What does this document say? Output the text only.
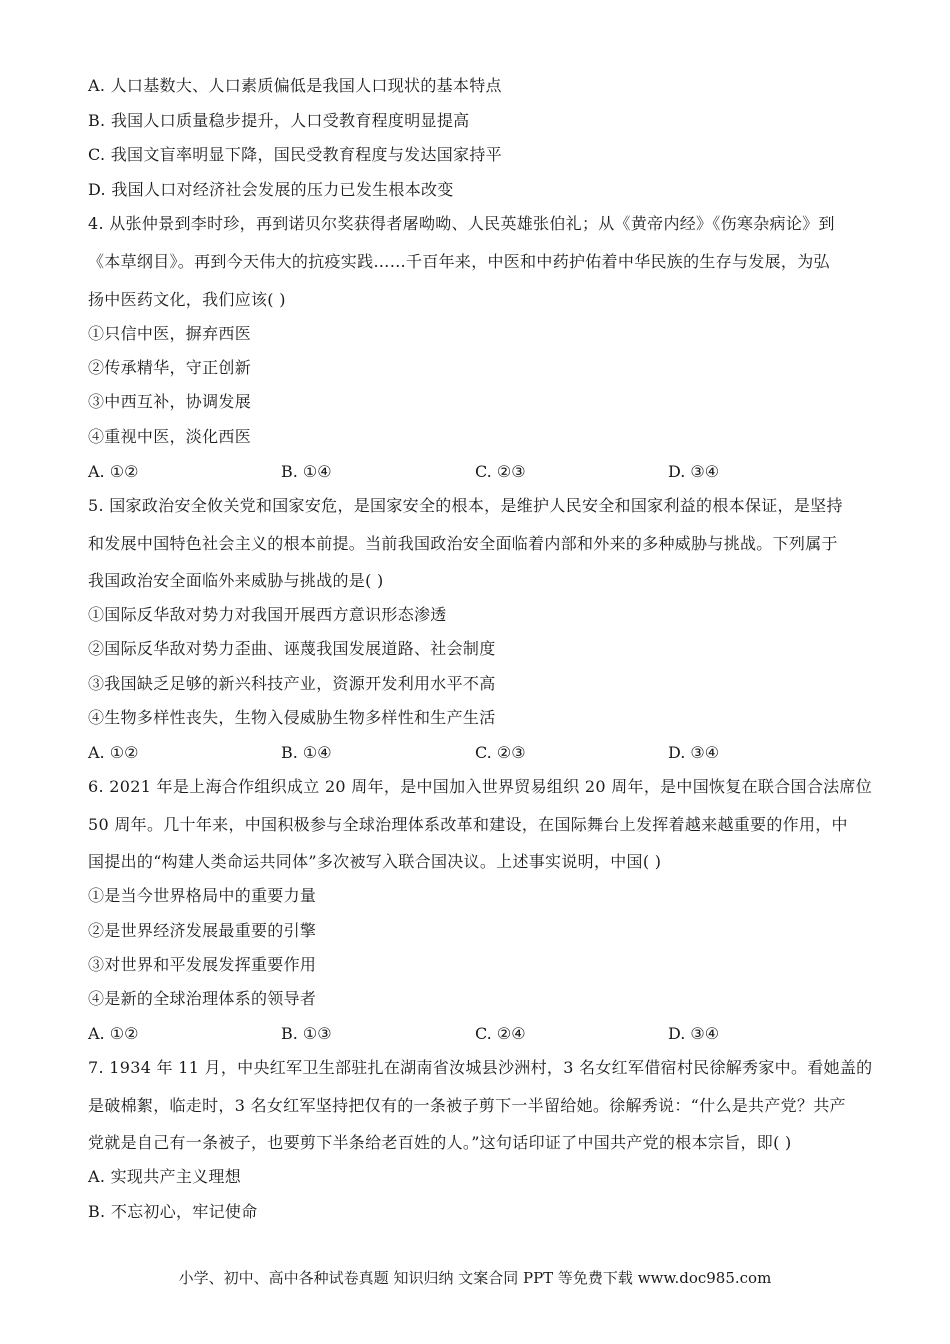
A. 人口基数大、人口素质偏低是我国人口现状的基本特点
B. 我国人口质量稳步提升，人口受教育程度明显提高
C. 我国文盲率明显下降，国民受教育程度与发达国家持平
D. 我国人口对经济社会发展的压力已发生根本改变
4. 从张仲景到李时珍，再到诺贝尔奖获得者屠呦呦、人民英雄张伯礼；从《黄帝内经》《伤寒杂病论》到
《本草纲目》。再到今天伟大的抗疫实践……千百年来，中医和中药护佑着中华民族的生存与发展，为弘
扬中医药文化，我们应该( )
①只信中医，摒弃西医
②传承精华，守正创新
③中西互补，协调发展
④重视中医，淡化西医
A. ①②	B. ①④	C. ②③	D. ③④
5. 国家政治安全攸关党和国家安危，是国家安全的根本，是维护人民安全和国家利益的根本保证，是坚持
和发展中国特色社会主义的根本前提。当前我国政治安全面临着内部和外来的多种威胁与挑战。下列属于
我国政治安全面临外来威胁与挑战的是( )
①国际反华敌对势力对我国开展西方意识形态渗透
②国际反华敌对势力歪曲、诬蔑我国发展道路、社会制度
③我国缺乏足够的新兴科技产业，资源开发利用水平不高
④生物多样性丧失，生物入侵威胁生物多样性和生产生活
A. ①②	B. ①④	C. ②③	D. ③④
6. 2021 年是上海合作组织成立 20 周年，是中国加入世界贸易组织 20 周年，是中国恢复在联合国合法席位
50 周年。几十年来，中国积极参与全球治理体系改革和建设，在国际舞台上发挥着越来越重要的作用，中
国提出的“构建人类命运共同体”多次被写入联合国决议。上述事实说明，中国( )
①是当今世界格局中的重要力量
②是世界经济发展最重要的引擎
③对世界和平发展发挥重要作用
④是新的全球治理体系的领导者
A. ①②	B. ①③	C. ②④	D. ③④
7. 1934 年 11 月，中央红军卫生部驻扎在湖南省汝城县沙洲村，3 名女红军借宿村民徐解秀家中。看她盖的
是破棉絮，临走时，3 名女红军坚持把仅有的一条被子剪下一半留给她。徐解秀说：“什么是共产党？共产
党就是自己有一条被子，也要剪下半条给老百姓的人。”这句话印证了中国共产党的根本宗旨，即( )
A. 实现共产主义理想
B. 不忘初心，牢记使命
小学、初中、高中各种试卷真题 知识归纳 文案合同 PPT 等免费下载 www.doc985.com
